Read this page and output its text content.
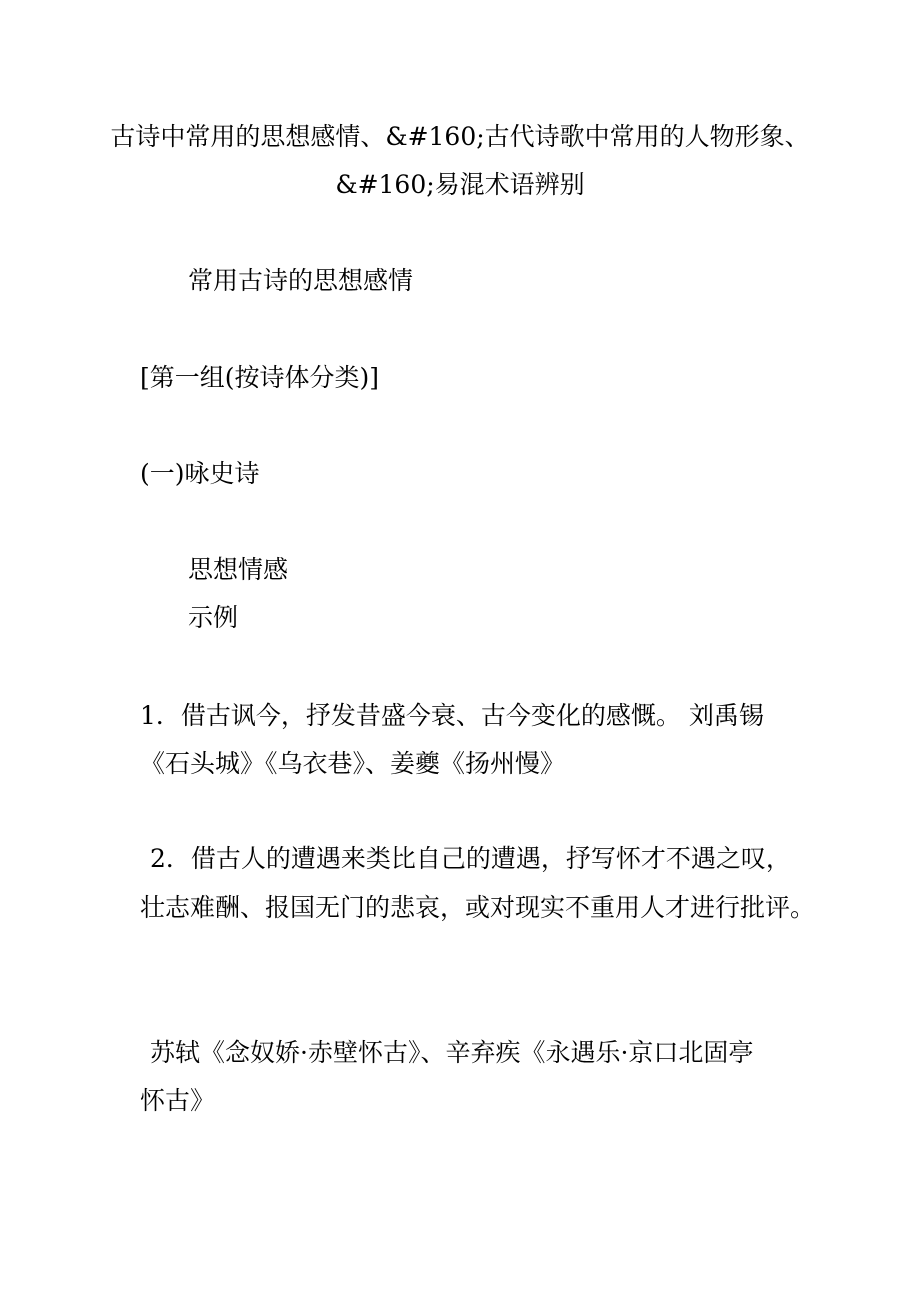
古诗中常用的思想感情、&#160;古代诗歌中常用的人物形象、

&#160;易混术语辨别

常用古诗的思想感情

[第一组(按诗体分类)]

(一)咏史诗

思想情感

示例

1．借古讽今，抒发昔盛今衰、古今变化的感慨。 刘禹锡

《石头城》《乌衣巷》、姜夔《扬州慢》

2．借古人的遭遇来类比自己的遭遇，抒写怀才不遇之叹，

壮志难酬、报国无门的悲哀，或对现实不重用人才进行批评。

苏轼《念奴娇·赤壁怀古》、辛弃疾《永遇乐·京口北固亭

怀古》
